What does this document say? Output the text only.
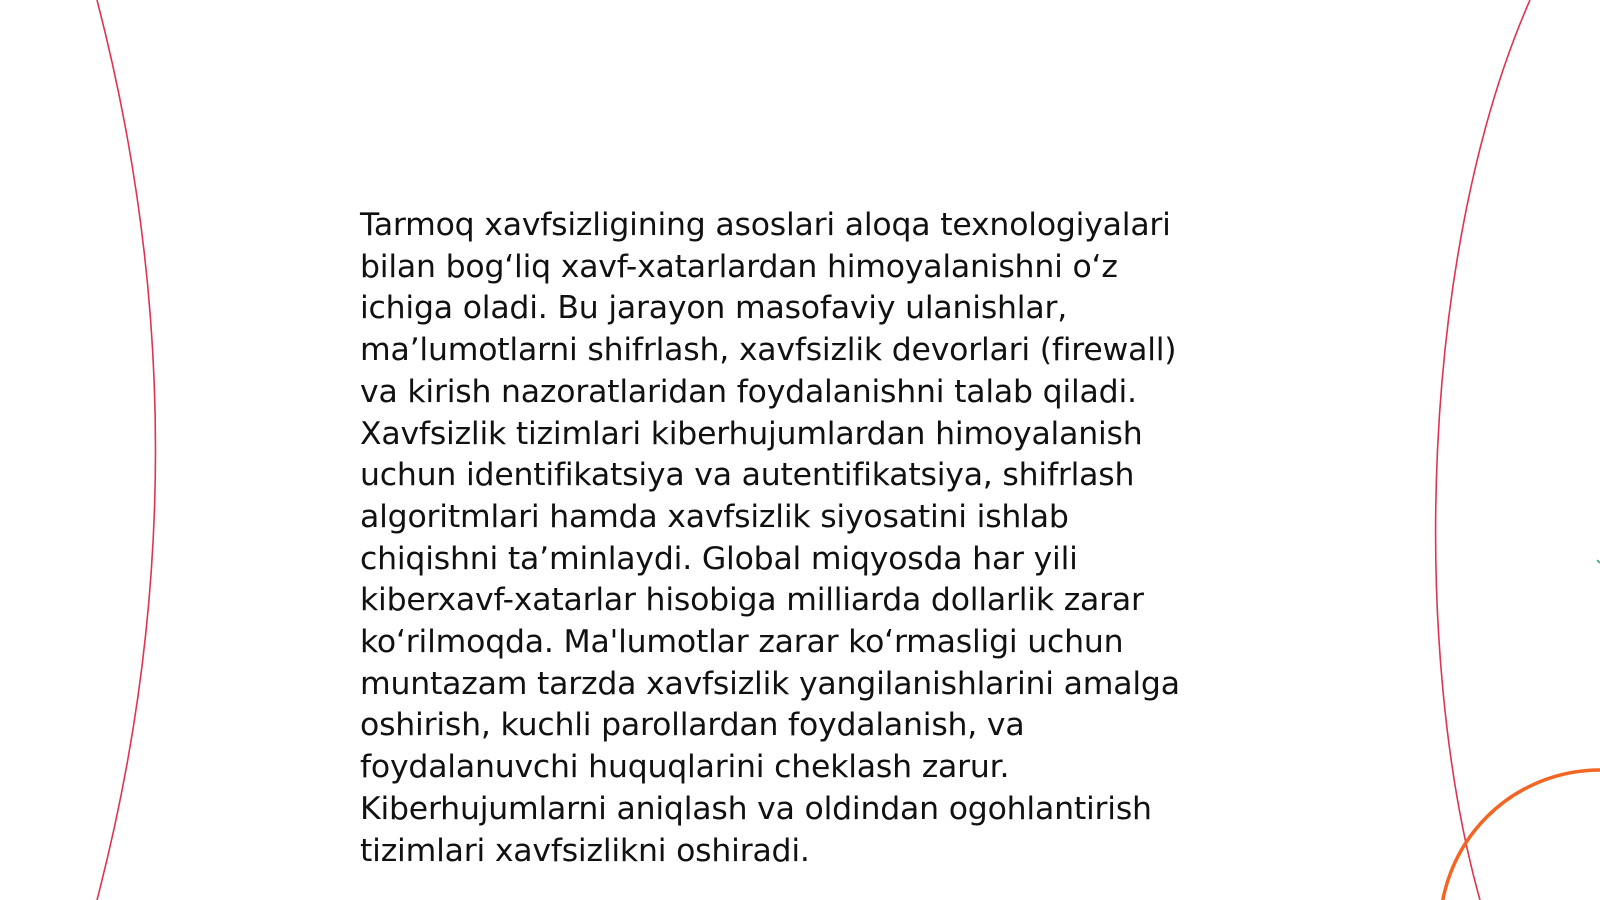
Tarmoq xavfsizligining asoslari aloqa texnologiyalari
bilan bog‘liq xavf-xatarlardan himoyalanishni o‘z
ichiga oladi. Bu jarayon masofaviy ulanishlar,
ma’lumotlarni shifrlash, xavfsizlik devorlari (firewall)
va kirish nazoratlaridan foydalanishni talab qiladi.
Xavfsizlik tizimlari kiberhujumlardan himoyalanish
uchun identifikatsiya va autentifikatsiya, shifrlash
algoritmlari hamda xavfsizlik siyosatini ishlab
chiqishni ta’minlaydi. Global miqyosda har yili
kiberxavf-xatarlar hisobiga milliarda dollarlik zarar
ko‘rilmoqda. Ma'lumotlar zarar ko‘rmasligi uchun
muntazam tarzda xavfsizlik yangilanishlarini amalga
oshirish, kuchli parollardan foydalanish, va
foydalanuvchi huquqlarini cheklash zarur.
Kiberhujumlarni aniqlash va oldindan ogohlantirish
tizimlari xavfsizlikni oshiradi.
